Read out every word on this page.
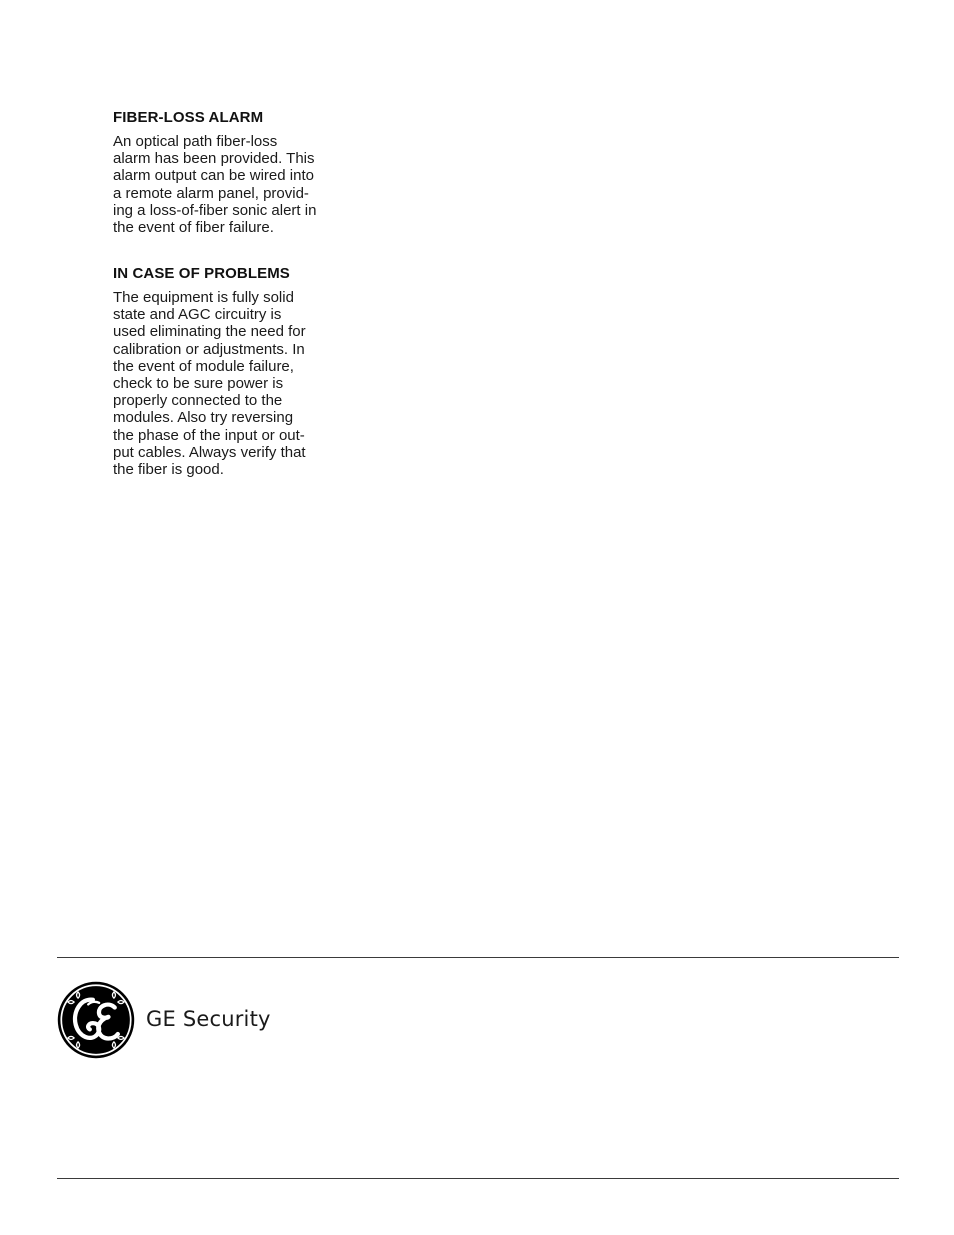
FIBER-LOSS ALARM

An optical path fiber-loss
alarm has been provided. This
alarm output can be wired into
a remote alarm panel, provid-
ing a loss-of-fiber sonic alert in
the event of fiber failure.

IN CASE OF PROBLEMS

The equipment is fully solid
state and AGC circuitry is
used eliminating the need for
calibration or adjustments. In
the event of module failure,
check to be sure power is
properly connected to the
modules. Also try reversing
the phase of the input or out-
put cables. Always verify that
the fiber is good.

GE Security
